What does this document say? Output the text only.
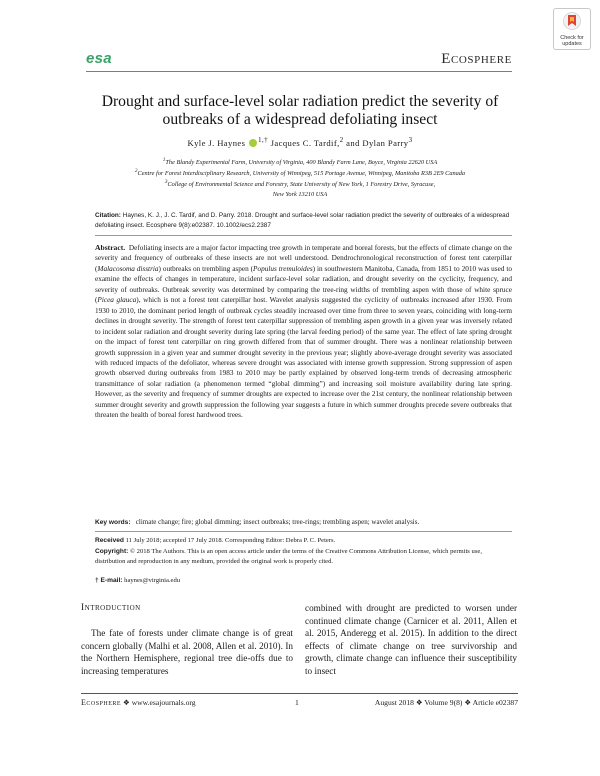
Check for
updates
esa	Ecosphere
Drought and surface-level solar radiation predict the severity of outbreaks of a widespread defoliating insect
Kyle J. Haynes $^{1,\dagger}$ Jacques C. Tardif,$^2$ and Dylan Parry$^3$
$^1$The Blandy Experimental Farm, University of Virginia, 400 Blandy Farm Lane, Boyce, Virginia 22620 USA
$^2$Centre for Forest Interdisciplinary Research, University of Winnipeg, 515 Portage Avenue, Winnipeg, Manitoba R3B 2E9 Canada
$^3$College of Environmental Science and Forestry, State University of New York, 1 Forestry Drive, Syracuse, New York 13210 USA
Citation: Haynes, K. J., J. C. Tardif, and D. Parry. 2018. Drought and surface-level solar radiation predict the severity of outbreaks of a widespread defoliating insect. Ecosphere 9(8):e02387. 10.1002/ecs2.2387
Abstract. Defoliating insects are a major factor impacting tree growth in temperate and boreal forests, but the effects of climate change on the severity and frequency of outbreaks of these insects are not well understood. Dendrochronological reconstruction of forest tent caterpillar (Malacosoma disstria) outbreaks on trembling aspen (Populus tremuloides) in southwestern Manitoba, Canada, from 1851 to 2010 was used to examine the effects of changes in temperature, incident surface-level solar radiation, and drought severity on the cyclicity, frequency, and severity of outbreaks. Outbreak severity was determined by comparing the tree-ring widths of trembling aspen with those of white spruce (Picea glauca), which is not a forest tent caterpillar host. Wavelet analysis suggested the cyclicity of outbreaks increased after 1930. From 1930 to 2010, the dominant period length of outbreak cycles steadily increased over time from three to seven years, coinciding with long-term declines in drought severity. The strength of forest tent caterpillar suppression of trembling aspen growth in a given year was inversely related to incident solar radiation and drought severity during late spring (the larval feeding period) of the same year. The effect of late spring drought on the impact of forest tent caterpillar on ring growth differed from that of summer drought. There was a nonlinear relationship between growth suppression in a given year and summer drought severity in the previous year; slightly above-average drought severity was associated with reduced impacts of the defoliator, whereas severe drought was associated with intense growth suppression. Strong suppression of aspen growth observed during outbreaks from 1983 to 2010 may be partly explained by observed long-term trends of decreasing atmospheric transmittance of solar radiation (a phenomenon termed “global dimming”) and increasing soil moisture availability during late spring. However, as the severity and frequency of summer droughts are expected to increase over the 21st century, the nonlinear relationship between summer drought severity and growth suppression the following year suggests a future in which summer droughts precede severe outbreaks that threaten the health of boreal forest hardwood trees.
Key words: climate change; fire; global dimming; insect outbreaks; tree-rings; trembling aspen; wavelet analysis.
Received 11 July 2018; accepted 17 July 2018. Corresponding Editor: Debra P. C. Peters.
Copyright: © 2018 The Authors. This is an open access article under the terms of the Creative Commons Attribution License, which permits use, distribution and reproduction in any medium, provided the original work is properly cited.
† E-mail: haynes@virginia.edu
Introduction
The fate of forests under climate change is of great concern globally (Malhi et al. 2008, Allen et al. 2010). In the Northern Hemisphere, regional tree die-offs due to increasing temperatures
combined with drought are predicted to worsen under continued climate change (Carnicer et al. 2011, Allen et al. 2015, Anderegg et al. 2015). In addition to the direct effects of climate change on tree survivorship and growth, climate change can influence their susceptibility to insect
Ecosphere ❖ www.esajournals.org	1	August 2018 ❖ Volume 9(8) ❖ Article e02387
